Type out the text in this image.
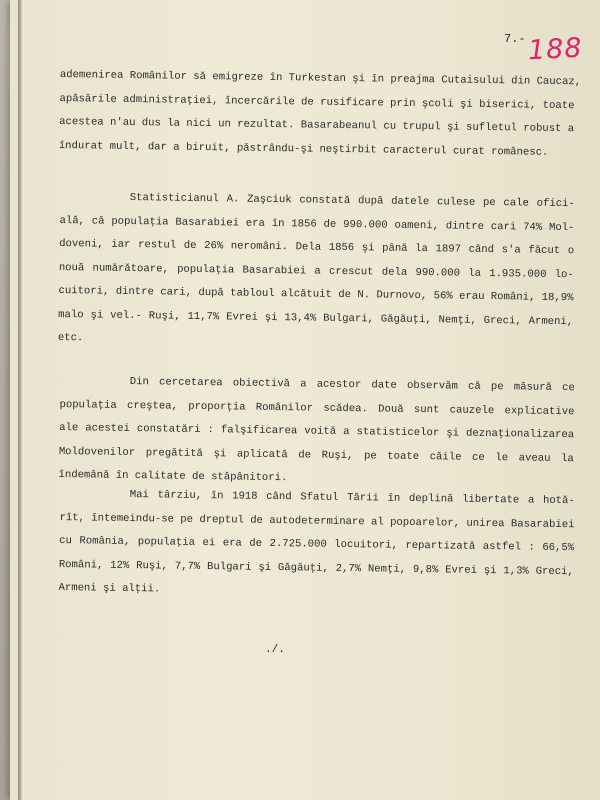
7.- 188
ademenirea Românilor să emigreze în Turkestan şi în preajma Cutaisului din Caucaz,
apăsările administraţiei, încercările de rusificare prin şcoli şi biserici, toate
acestea n'au dus la nici un rezultat. Basarabeanul cu trupul şi sufletul robust a
îndurat mult, dar a biruit, păstrându-şi neştirbit caracterul curat românesc.
Statisticianul A. Zaşciuk constată după datele culese pe cale ofici-
ală, că populaţia Basarabiei era în 1856 de 990.000 oameni, dintre cari 74% Mol-
doveni, iar restul de 26% neromâni. Dela 1856 şi până la 1897 când s'a făcut o
nouă numărătoare, populaţia Basarabiei a crescut dela 990.000 la 1.935.000 lo-
cuitori, dintre cari, după tabloul alcătuit de N. Durnovo, 56% erau Români, 18,9%
malo şi vel.- Ruşi, 11,7% Evrei şi 13,4% Bulgari, Găgăuţi, Nemţi, Greci, Armeni,
etc.
Din cercetarea obiectivă a acestor date observăm că pe măsură ce
populaţia creştea, proporţia Românilor scădea. Două sunt cauzele explicative
ale acestei constatări : falşificarea voită a statisticelor şi deznaţionalizarea
Moldovenilor pregătită şi aplicată de Ruşi, pe toate căile ce le aveau la îndemână în calitate de stăpânitori.
Mai târziu, în 1918 când Sfatul Tării în deplină libertate a hotă-
rît, întemeindu-se pe dreptul de autodeterminare al popoarelor, unirea Basarabiei
cu România, populaţia ei era de 2.725.000 locuitori, repartizată astfel : 66,5%
Români, 12% Ruşi, 7,7% Bulgari şi Găgăuţi, 2,7% Nemţi, 9,8% Evrei şi 1,3% Greci,
Armeni şi alţii.
./.
